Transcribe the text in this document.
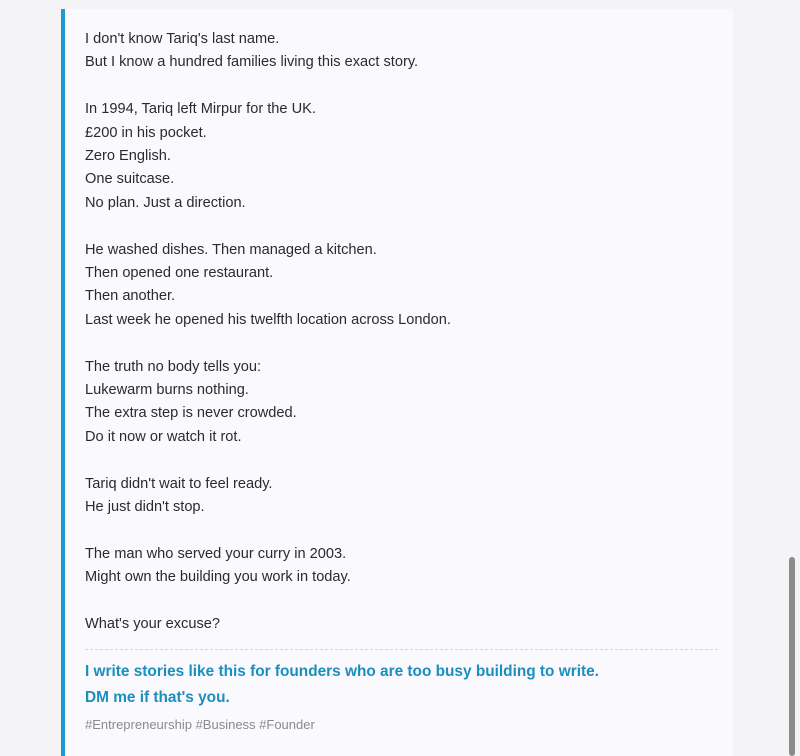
I don't know Tariq's last name.
But I know a hundred families living this exact story.
In 1994, Tariq left Mirpur for the UK.
£200 in his pocket.
Zero English.
One suitcase.
No plan. Just a direction.
He washed dishes. Then managed a kitchen.
Then opened one restaurant.
Then another.
Last week he opened his twelfth location across London.
The truth no body tells you:
Lukewarm burns nothing.
The extra step is never crowded.
Do it now or watch it rot.
Tariq didn't wait to feel ready.
He just didn't stop.
The man who served your curry in 2003.
Might own the building you work in today.
What's your excuse?
I write stories like this for founders who are too busy building to write.
DM me if that's you.
#Entrepreneurship #Business #Founder
